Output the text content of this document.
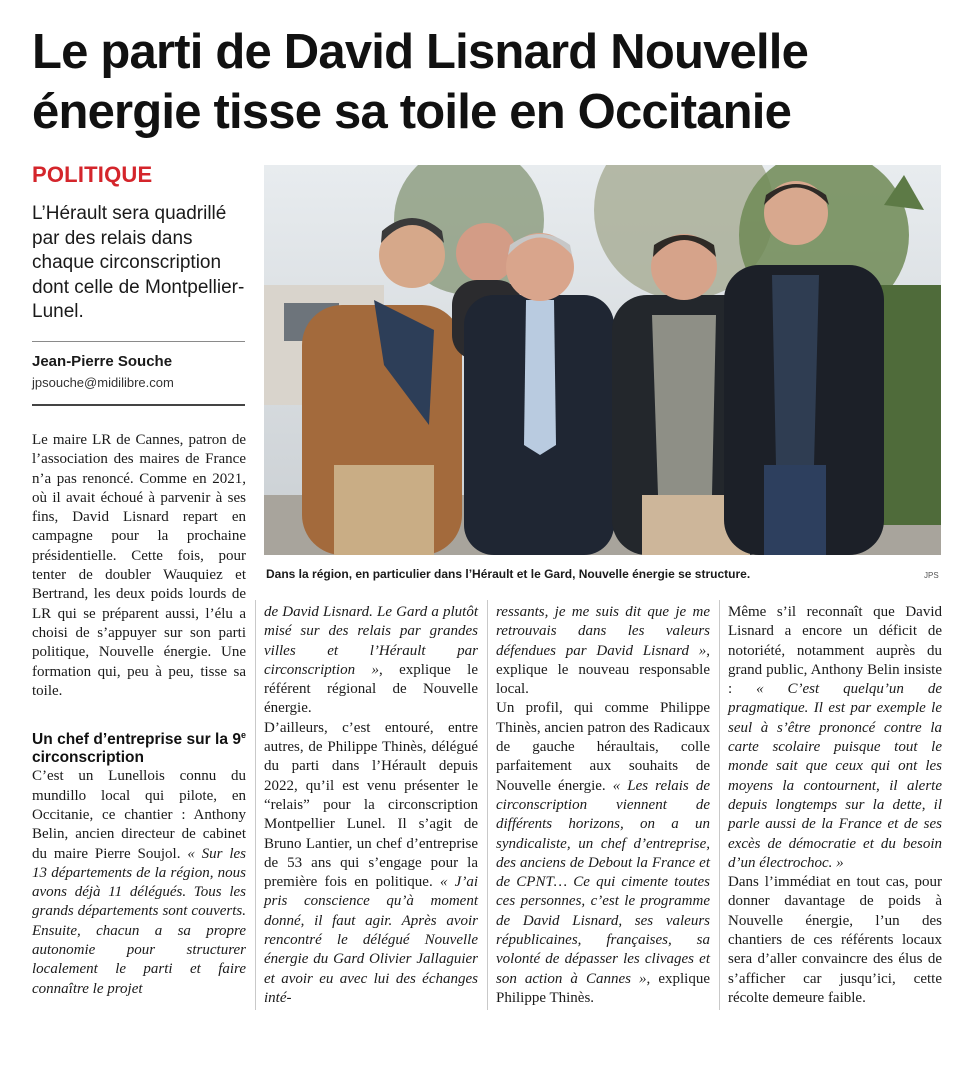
Le parti de David Lisnard Nouvelle énergie tisse sa toile en Occitanie

POLITIQUE

L’Hérault sera quadrillé par des relais dans chaque circonscription dont celle de Montpellier-Lunel.

Jean-Pierre Souche

jpsouche@midilibre.com

Dans la région, en particulier dans l’Hérault et le Gard, Nouvelle énergie se structure.	JPS

Le maire LR de Cannes, patron de l’association des maires de France n’a pas renoncé. Comme en 2021, où il avait échoué à parvenir à ses fins, David Lisnard repart en campagne pour la prochaine présidentielle. Cette fois, pour tenter de doubler Wauquiez et Bertrand, les deux poids lourds de LR qui se préparent aussi, l’élu a choisi de s’appuyer sur son parti politique, Nouvelle énergie. Une formation qui, peu à peu, tisse sa toile.

Un chef d’entreprise sur la 9e circonscription

C’est un Lunellois connu du mundillo local qui pilote, en Occitanie, ce chantier : Anthony Belin, ancien directeur de cabinet du maire Pierre Soujol. « Sur les 13 départements de la région, nous avons déjà 11 délégués. Tous les grands départements sont couverts. Ensuite, chacun a sa propre autonomie pour structurer localement le parti et faire connaître le projet

de David Lisnard. Le Gard a plutôt misé sur des relais par grandes villes et l’Hérault par circonscription », explique le référent régional de Nouvelle énergie.

D’ailleurs, c’est entouré, entre autres, de Philippe Thinès, délégué du parti dans l’Hérault depuis 2022, qu’il est venu présenter le “relais” pour la circonscription Montpellier Lunel. Il s’agit de Bruno Lantier, un chef d’entreprise de 53 ans qui s’engage pour la première fois en politique. « J’ai pris conscience qu’à moment donné, il faut agir. Après avoir rencontré le délégué Nouvelle énergie du Gard Olivier Jallaguier et avoir eu avec lui des échanges inté-

ressants, je me suis dit que je me retrouvais dans les valeurs défendues par David Lisnard », explique le nouveau responsable local.

Un profil, qui comme Philippe Thinès, ancien patron des Radicaux de gauche héraultais, colle parfaitement aux souhaits de Nouvelle énergie. « Les relais de circonscription viennent de différents horizons, on a un syndicaliste, un chef d’entreprise, des anciens de Debout la France et de CPNT… Ce qui cimente toutes ces personnes, c’est le programme de David Lisnard, ses valeurs républicaines, françaises, sa volonté de dépasser les clivages et son action à Cannes », explique Philippe Thinès.

Même s’il reconnaît que David Lisnard a encore un déficit de notoriété, notamment auprès du grand public, Anthony Belin insiste : « C’est quelqu’un de pragmatique. Il est par exemple le seul à s’être prononcé contre la carte scolaire puisque tout le monde sait que ceux qui ont les moyens la contournent, il alerte depuis longtemps sur la dette, il parle aussi de la France et de ses excès de démocratie et du besoin d’un électrochoc. »

Dans l’immédiat en tout cas, pour donner davantage de poids à Nouvelle énergie, l’un des chantiers de ces référents locaux sera d’aller convaincre des élus de s’afficher car jusqu’ici, cette récolte demeure faible.
